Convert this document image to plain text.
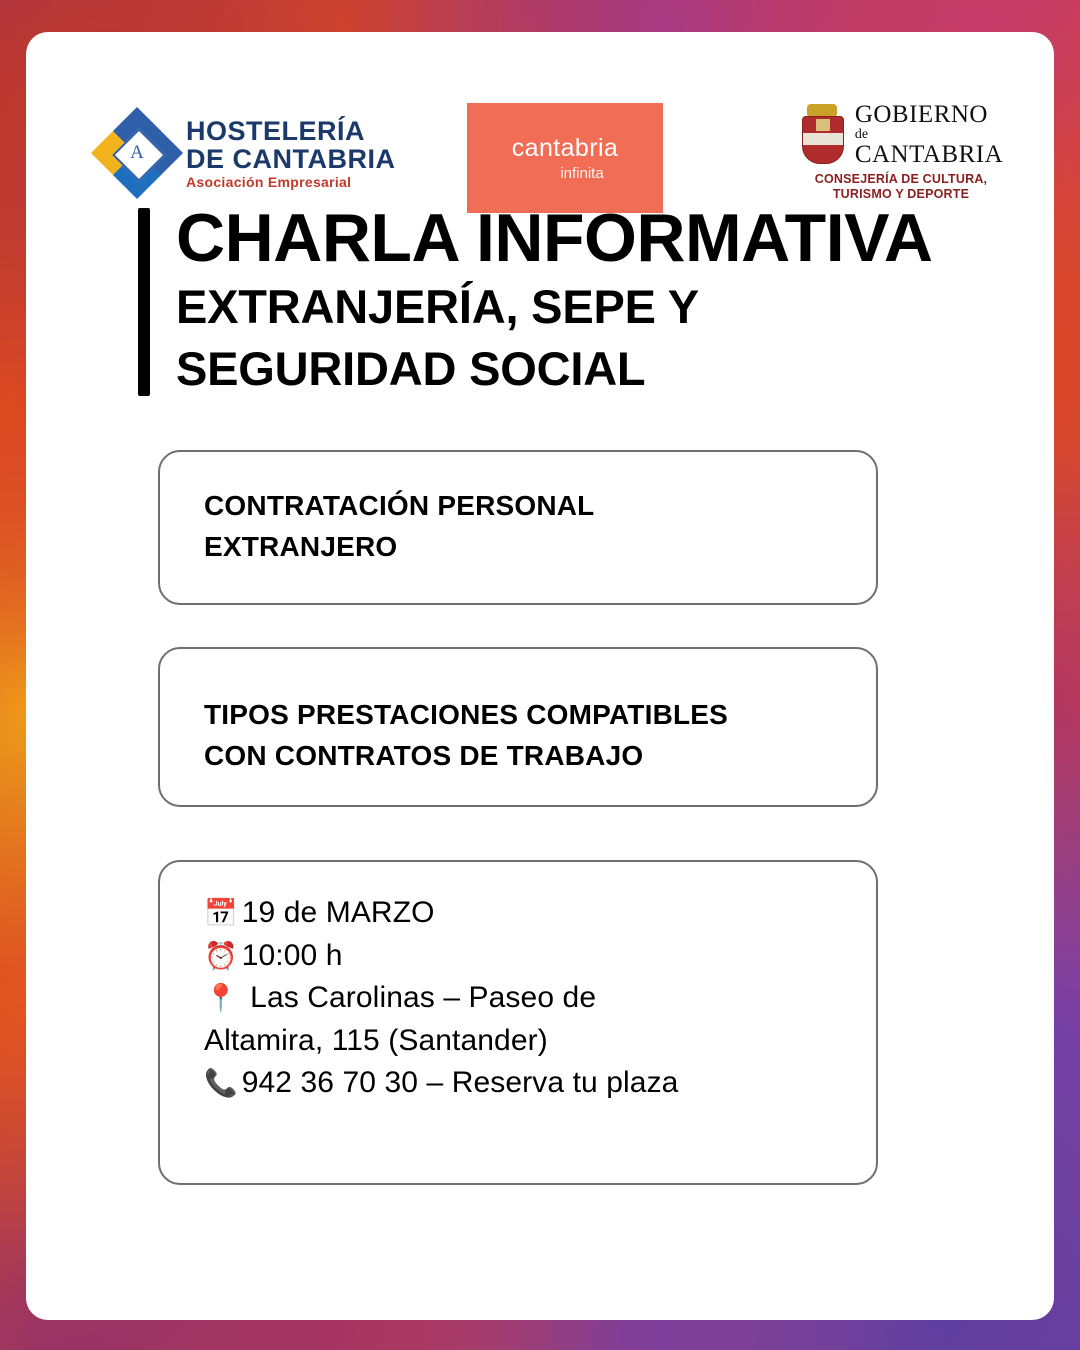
A
HOSTELERÍA
DE CANTABRIA
Asociación Empresarial
cantabria
infinita
GOBIERNO
de
CANTABRIA
CONSEJERÍA DE CULTURA,
TURISMO Y DEPORTE
CHARLA INFORMATIVA
EXTRANJERÍA, SEPE Y
SEGURIDAD SOCIAL

CONTRATACIÓN PERSONAL

EXTRANJERO

TIPOS PRESTACIONES COMPATIBLES

CON CONTRATOS DE TRABAJO

📅 19 de MARZO
⏰ 10:00 h
📍 Las Carolinas – Paseo de
Altamira, 115 (Santander)
📞 942 36 70 30 – Reserva tu plaza
